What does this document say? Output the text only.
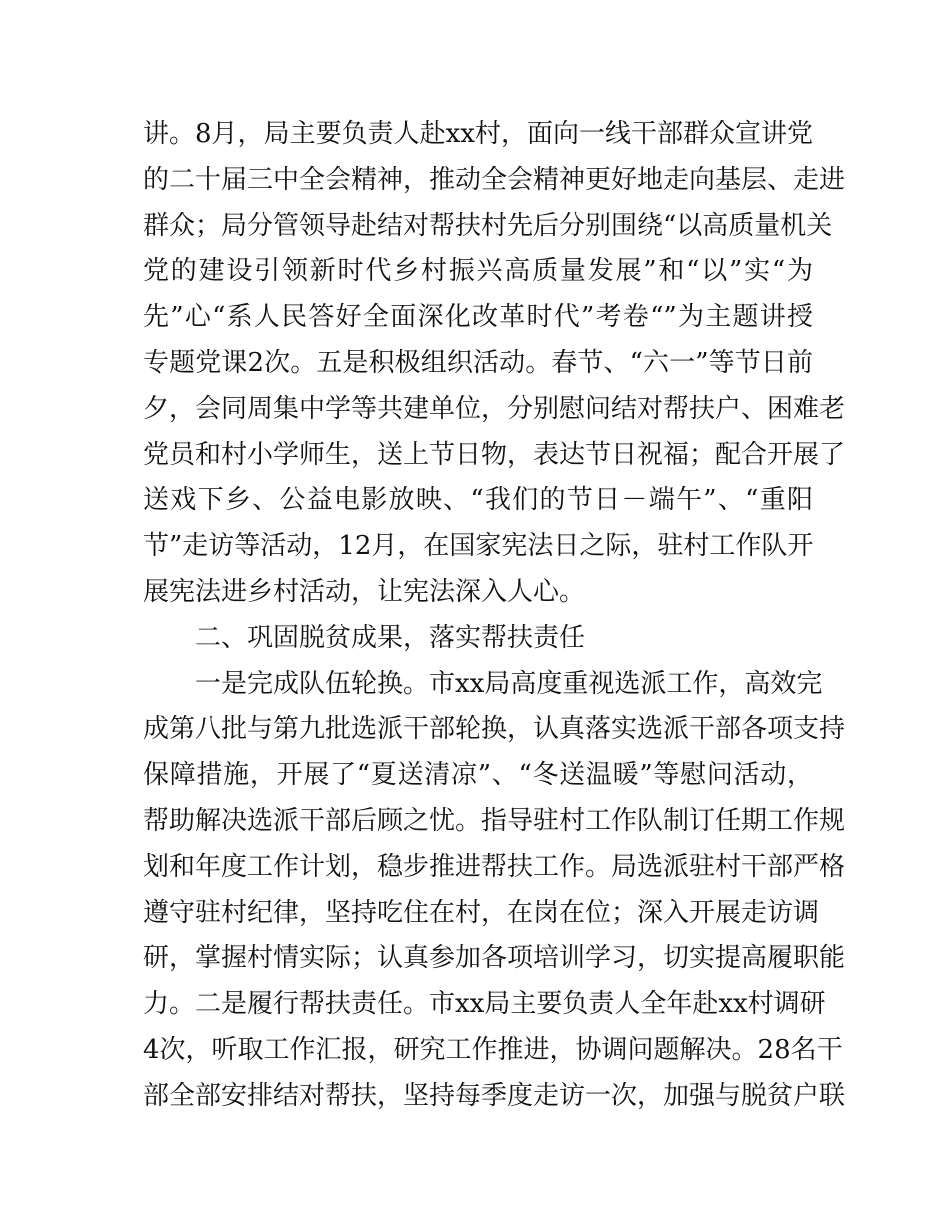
讲。8月，局主要负责人赴xx村，面向一线干部群众宣讲党
的二十届三中全会精神，推动全会精神更好地走向基层、走进
群众；局分管领导赴结对帮扶村先后分别围绕“以高质量机关
党的建设引领新时代乡村振兴高质量发展”和“以”实“为
先”心“系人民答好全面深化改革时代”考卷“”为主题讲授
专题党课2次。五是积极组织活动。春节、“六一”等节日前
夕，会同周集中学等共建单位，分别慰问结对帮扶户、困难老
党员和村小学师生，送上节日物，表达节日祝福；配合开展了
送戏下乡、公益电影放映、“我们的节日－端午”、“重阳
节”走访等活动，12月，在国家宪法日之际，驻村工作队开
展宪法进乡村活动，让宪法深入人心。
二、巩固脱贫成果，落实帮扶责任
一是完成队伍轮换。市xx局高度重视选派工作，高效完
成第八批与第九批选派干部轮换，认真落实选派干部各项支持
保障措施，开展了“夏送清凉”、“冬送温暖”等慰问活动，
帮助解决选派干部后顾之忧。指导驻村工作队制订任期工作规
划和年度工作计划，稳步推进帮扶工作。局选派驻村干部严格
遵守驻村纪律，坚持吃住在村，在岗在位；深入开展走访调
研，掌握村情实际；认真参加各项培训学习，切实提高履职能
力。二是履行帮扶责任。市xx局主要负责人全年赴xx村调研
4次，听取工作汇报，研究工作推进，协调问题解决。28名干
部全部安排结对帮扶，坚持每季度走访一次，加强与脱贫户联
